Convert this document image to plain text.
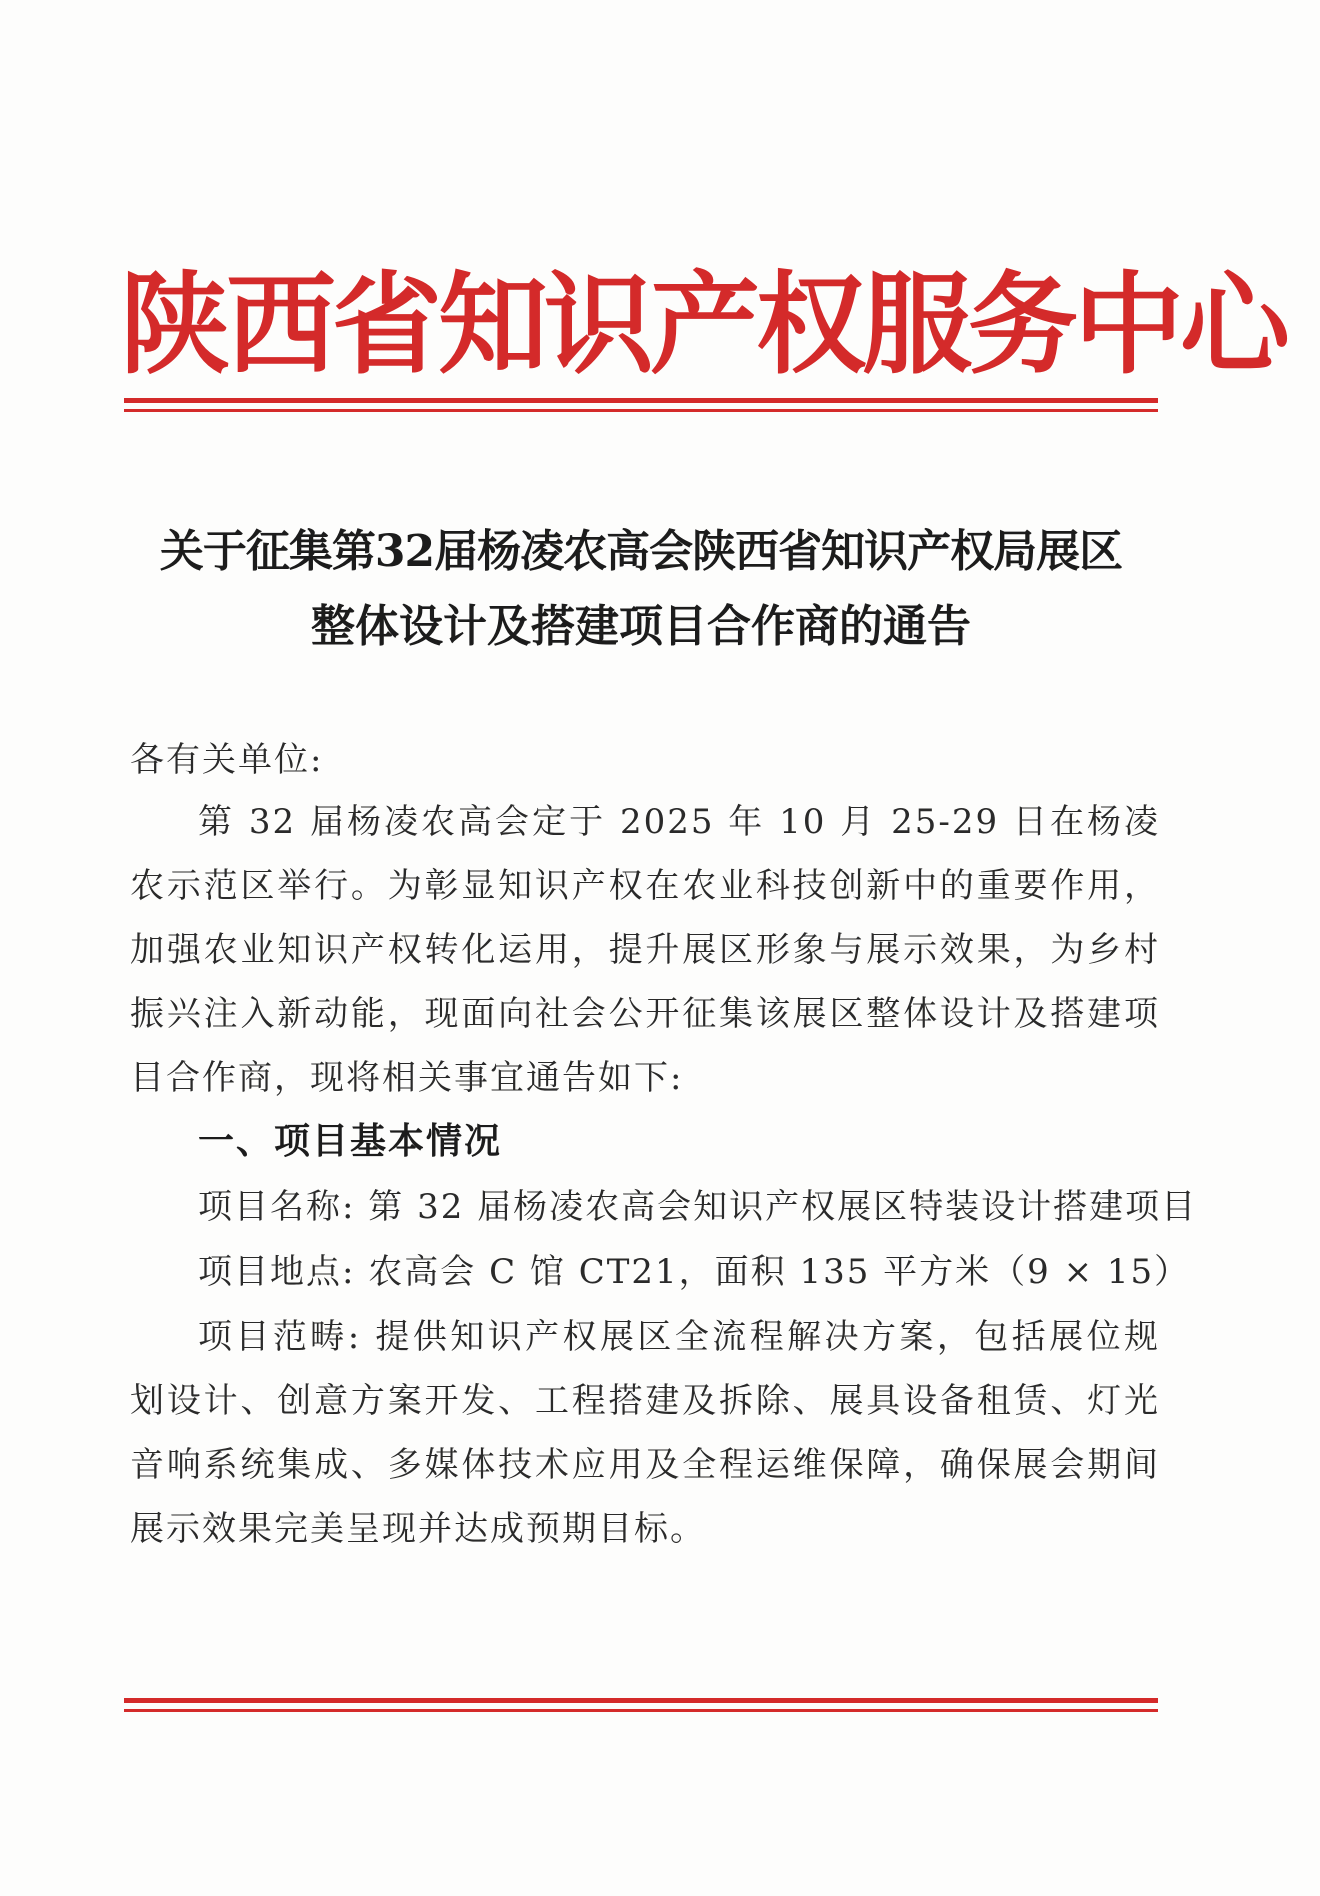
陕西省知识产权服务中心
关于征集第32届杨凌农高会陕西省知识产权局展区
整体设计及搭建项目合作商的通告
各有关单位:
第 32 届杨凌农高会定于 2025 年 10 月 25-29 日在杨凌农示范区举行。为彰显知识产权在农业科技创新中的重要作用，加强农业知识产权转化运用，提升展区形象与展示效果，为乡村振兴注入新动能，现面向社会公开征集该展区整体设计及搭建项目合作商，现将相关事宜通告如下:
一、项目基本情况
项目名称: 第 32 届杨凌农高会知识产权展区特装设计搭建项目
项目地点: 农高会 C 馆 CT21，面积 135 平方米（9 × 15）
项目范畴: 提供知识产权展区全流程解决方案，包括展位规划设计、创意方案开发、工程搭建及拆除、展具设备租赁、灯光音响系统集成、多媒体技术应用及全程运维保障，确保展会期间展示效果完美呈现并达成预期目标。
